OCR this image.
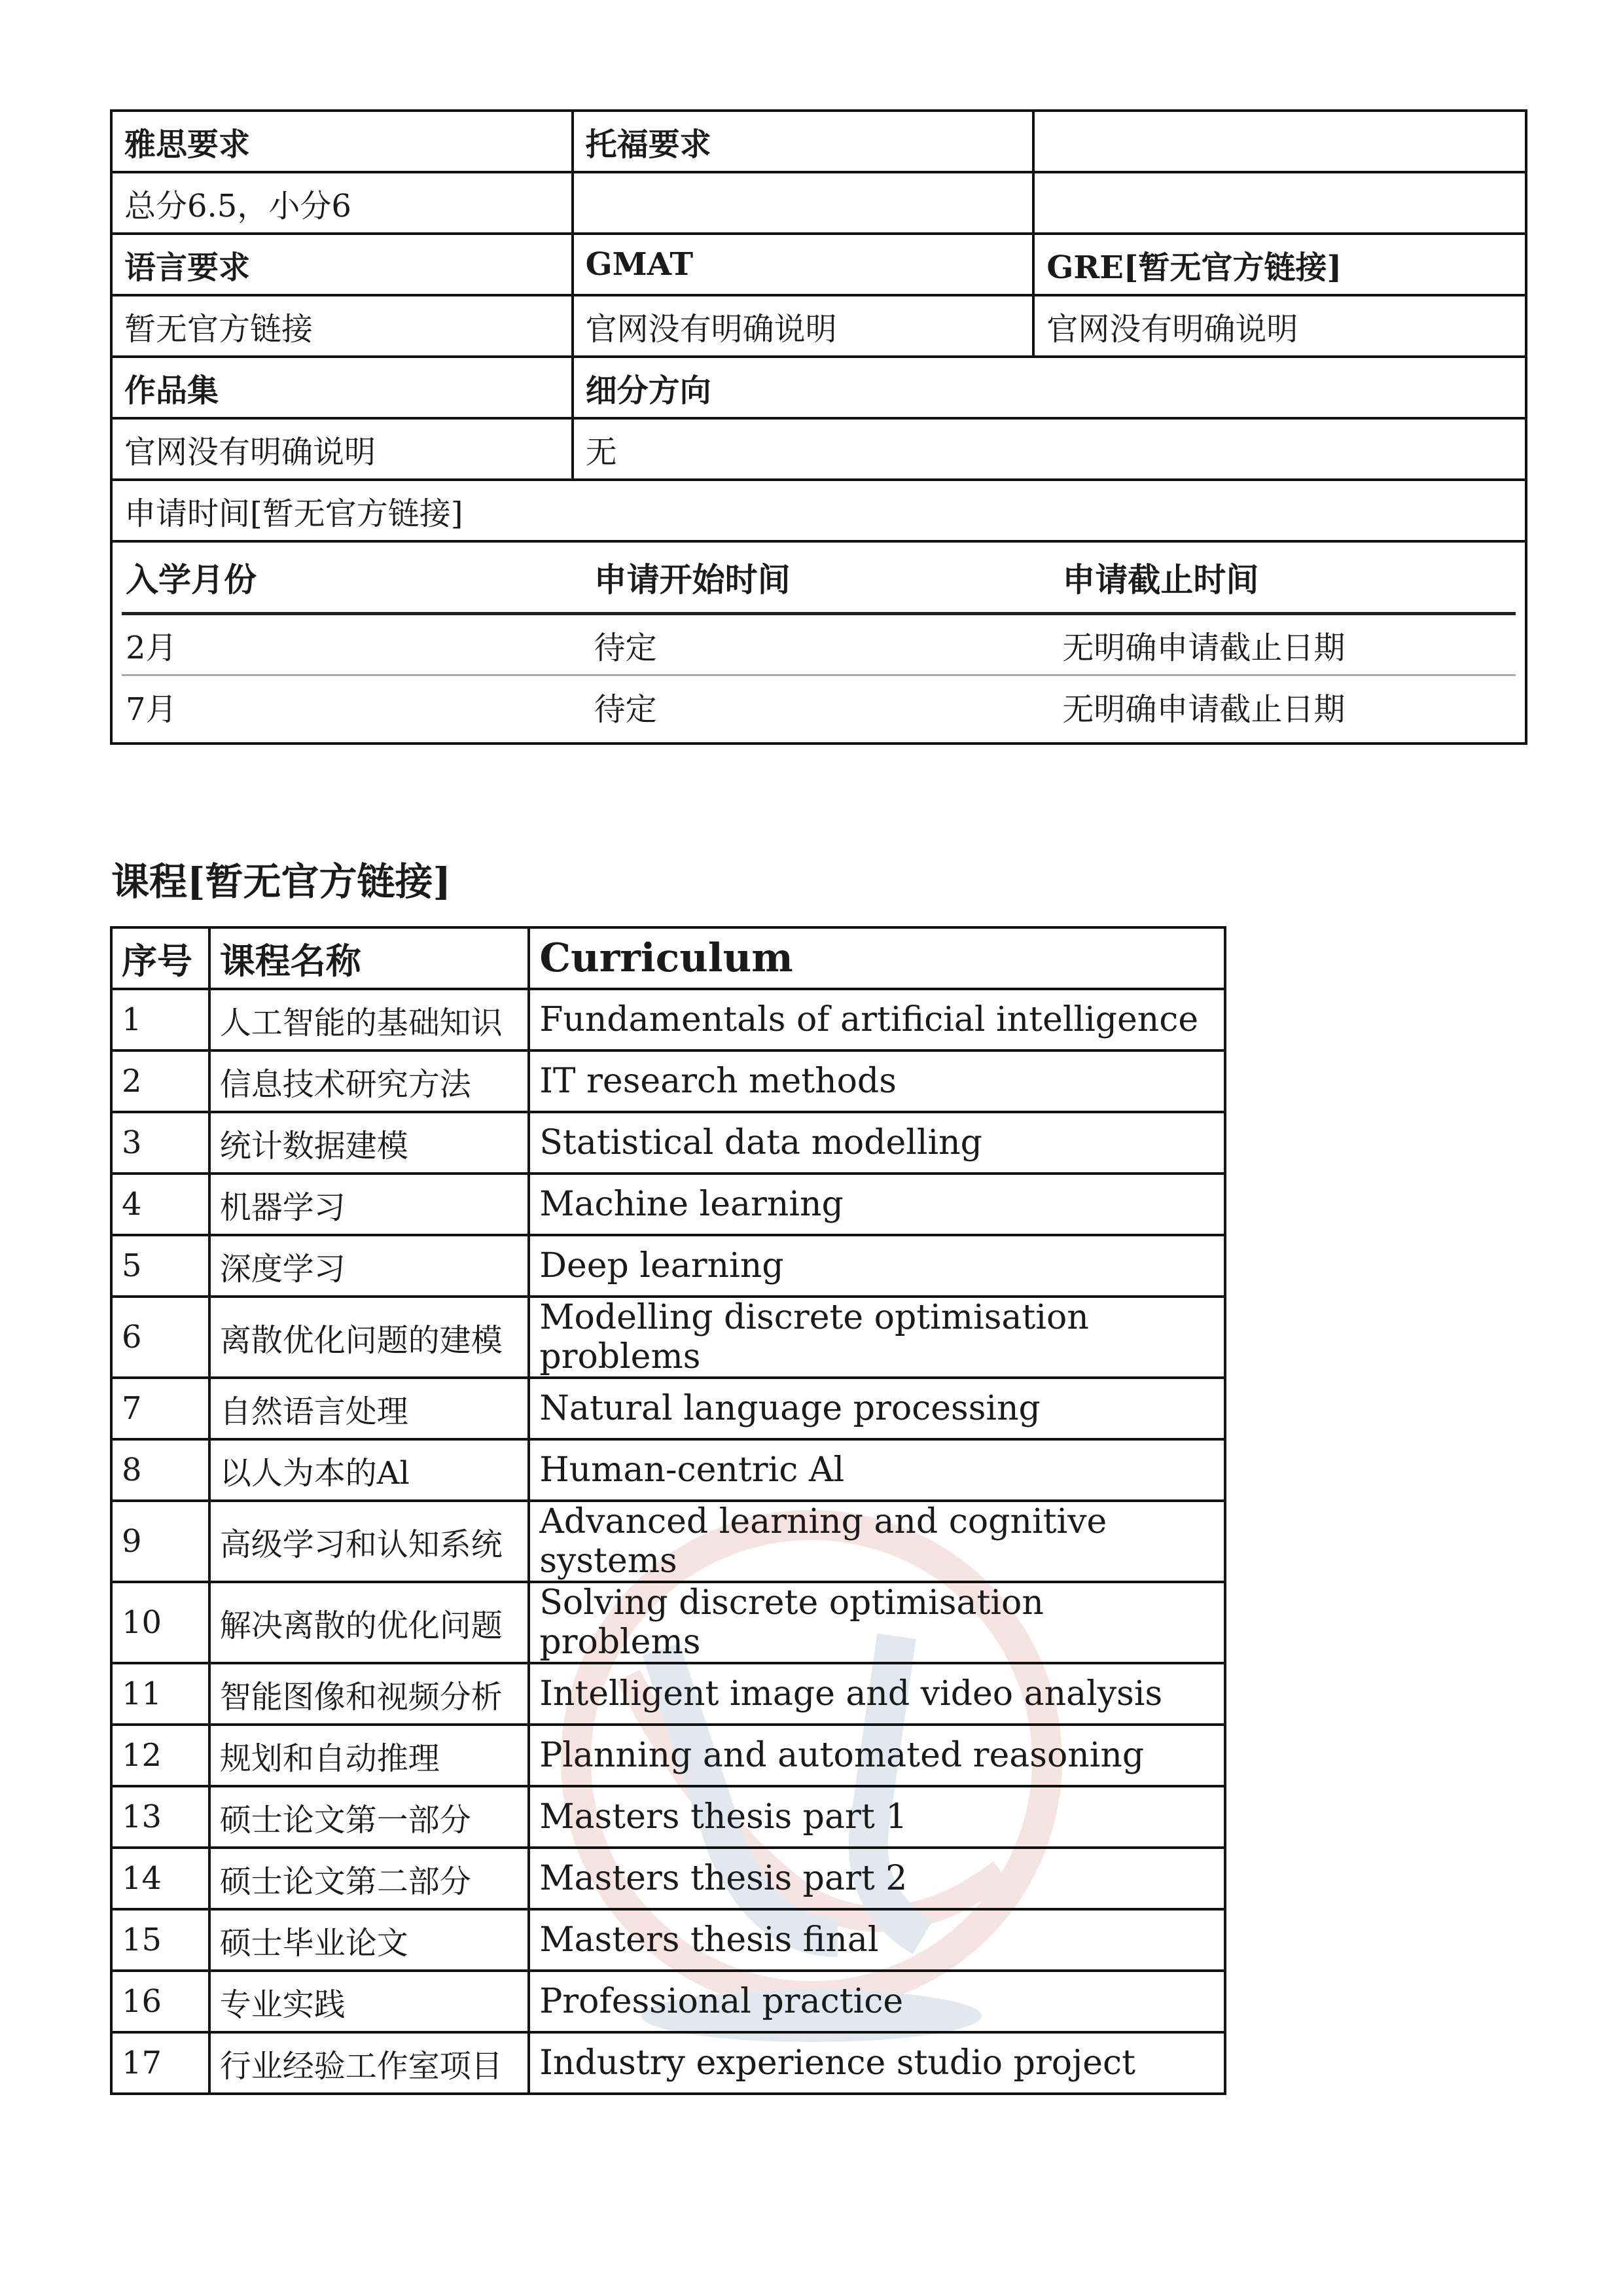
雅思要求	托福要求	
总分6.5，小分6		
语言要求	GMAT	GRE[暂无官方链接]
暂无官方链接	官网没有明确说明	官网没有明确说明
作品集	细分方向
官网没有明确说明	无
申请时间[暂无官方链接]

入学月份	申请开始时间	申请截止时间
2月	待定	无明确申请截止日期
7月	待定	无明确申请截止日期
课程[暂无官方链接]
序号	课程名称	Curriculum
1	人工智能的基础知识	Fundamentals of artificial intelligence
2	信息技术研究方法	IT research methods
3	统计数据建模	Statistical data modelling
4	机器学习	Machine learning
5	深度学习	Deep learning
6	离散优化问题的建模	Modelling discrete optimisation problems
7	自然语言处理	Natural language processing
8	以人为本的Al	Human-centric Al
9	高级学习和认知系统	Advanced learning and cognitive systems
10	解决离散的优化问题	Solving discrete optimisation problems
11	智能图像和视频分析	Intelligent image and video analysis
12	规划和自动推理	Planning and automated reasoning
13	硕士论文第一部分	Masters thesis part 1
14	硕士论文第二部分	Masters thesis part 2
15	硕士毕业论文	Masters thesis final
16	专业实践	Professional practice
17	行业经验工作室项目	Industry experience studio project
